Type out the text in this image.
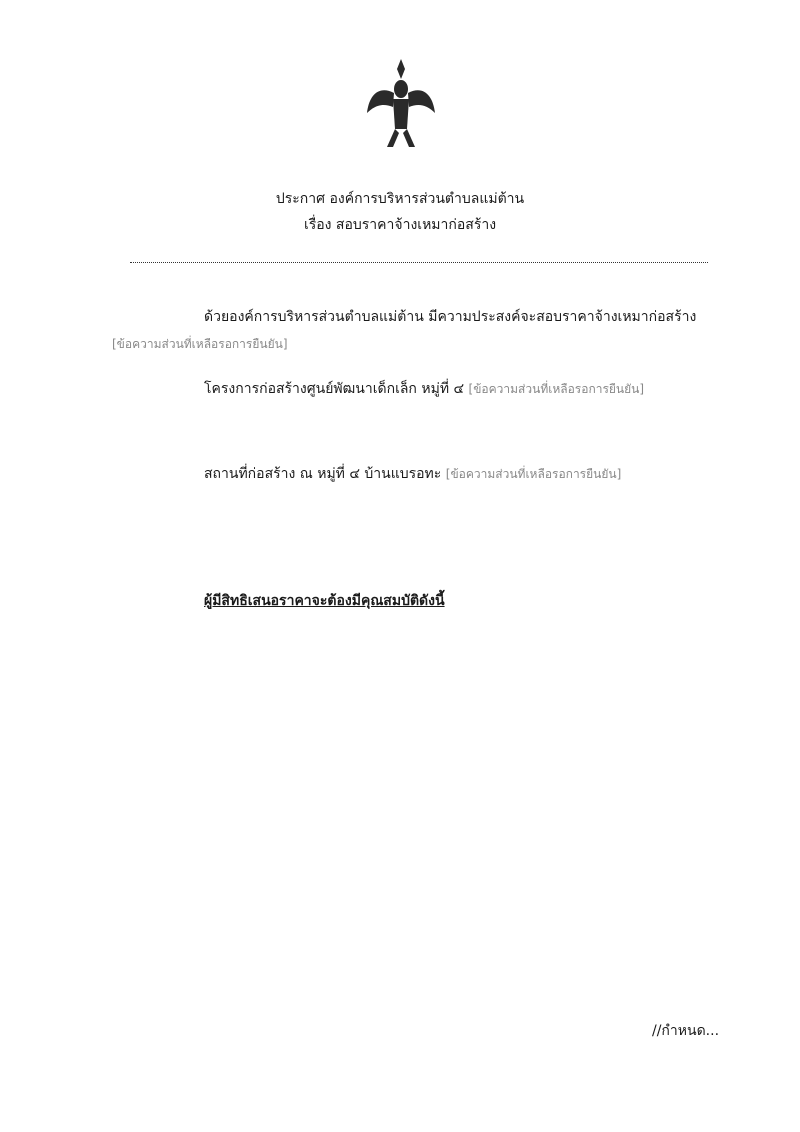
ประกาศ องค์การบริหารส่วนตำบลแม่ต้าน
เรื่อง สอบราคาจ้างเหมาก่อสร้าง
ด้วยองค์การบริหารส่วนตำบลแม่ต้าน มีความประสงค์จะสอบราคาจ้างเหมาก่อสร้าง [ข้อความส่วนที่เหลือรอการยืนยัน]
โครงการก่อสร้างศูนย์พัฒนาเด็กเล็ก หมู่ที่ ๔ [ข้อความส่วนที่เหลือรอการยืนยัน]
สถานที่ก่อสร้าง ณ หมู่ที่ ๔ บ้านแบรอทะ [ข้อความส่วนที่เหลือรอการยืนยัน]
ผู้มีสิทธิเสนอราคาจะต้องมีคุณสมบัติดังนี้
//กำหนด...
